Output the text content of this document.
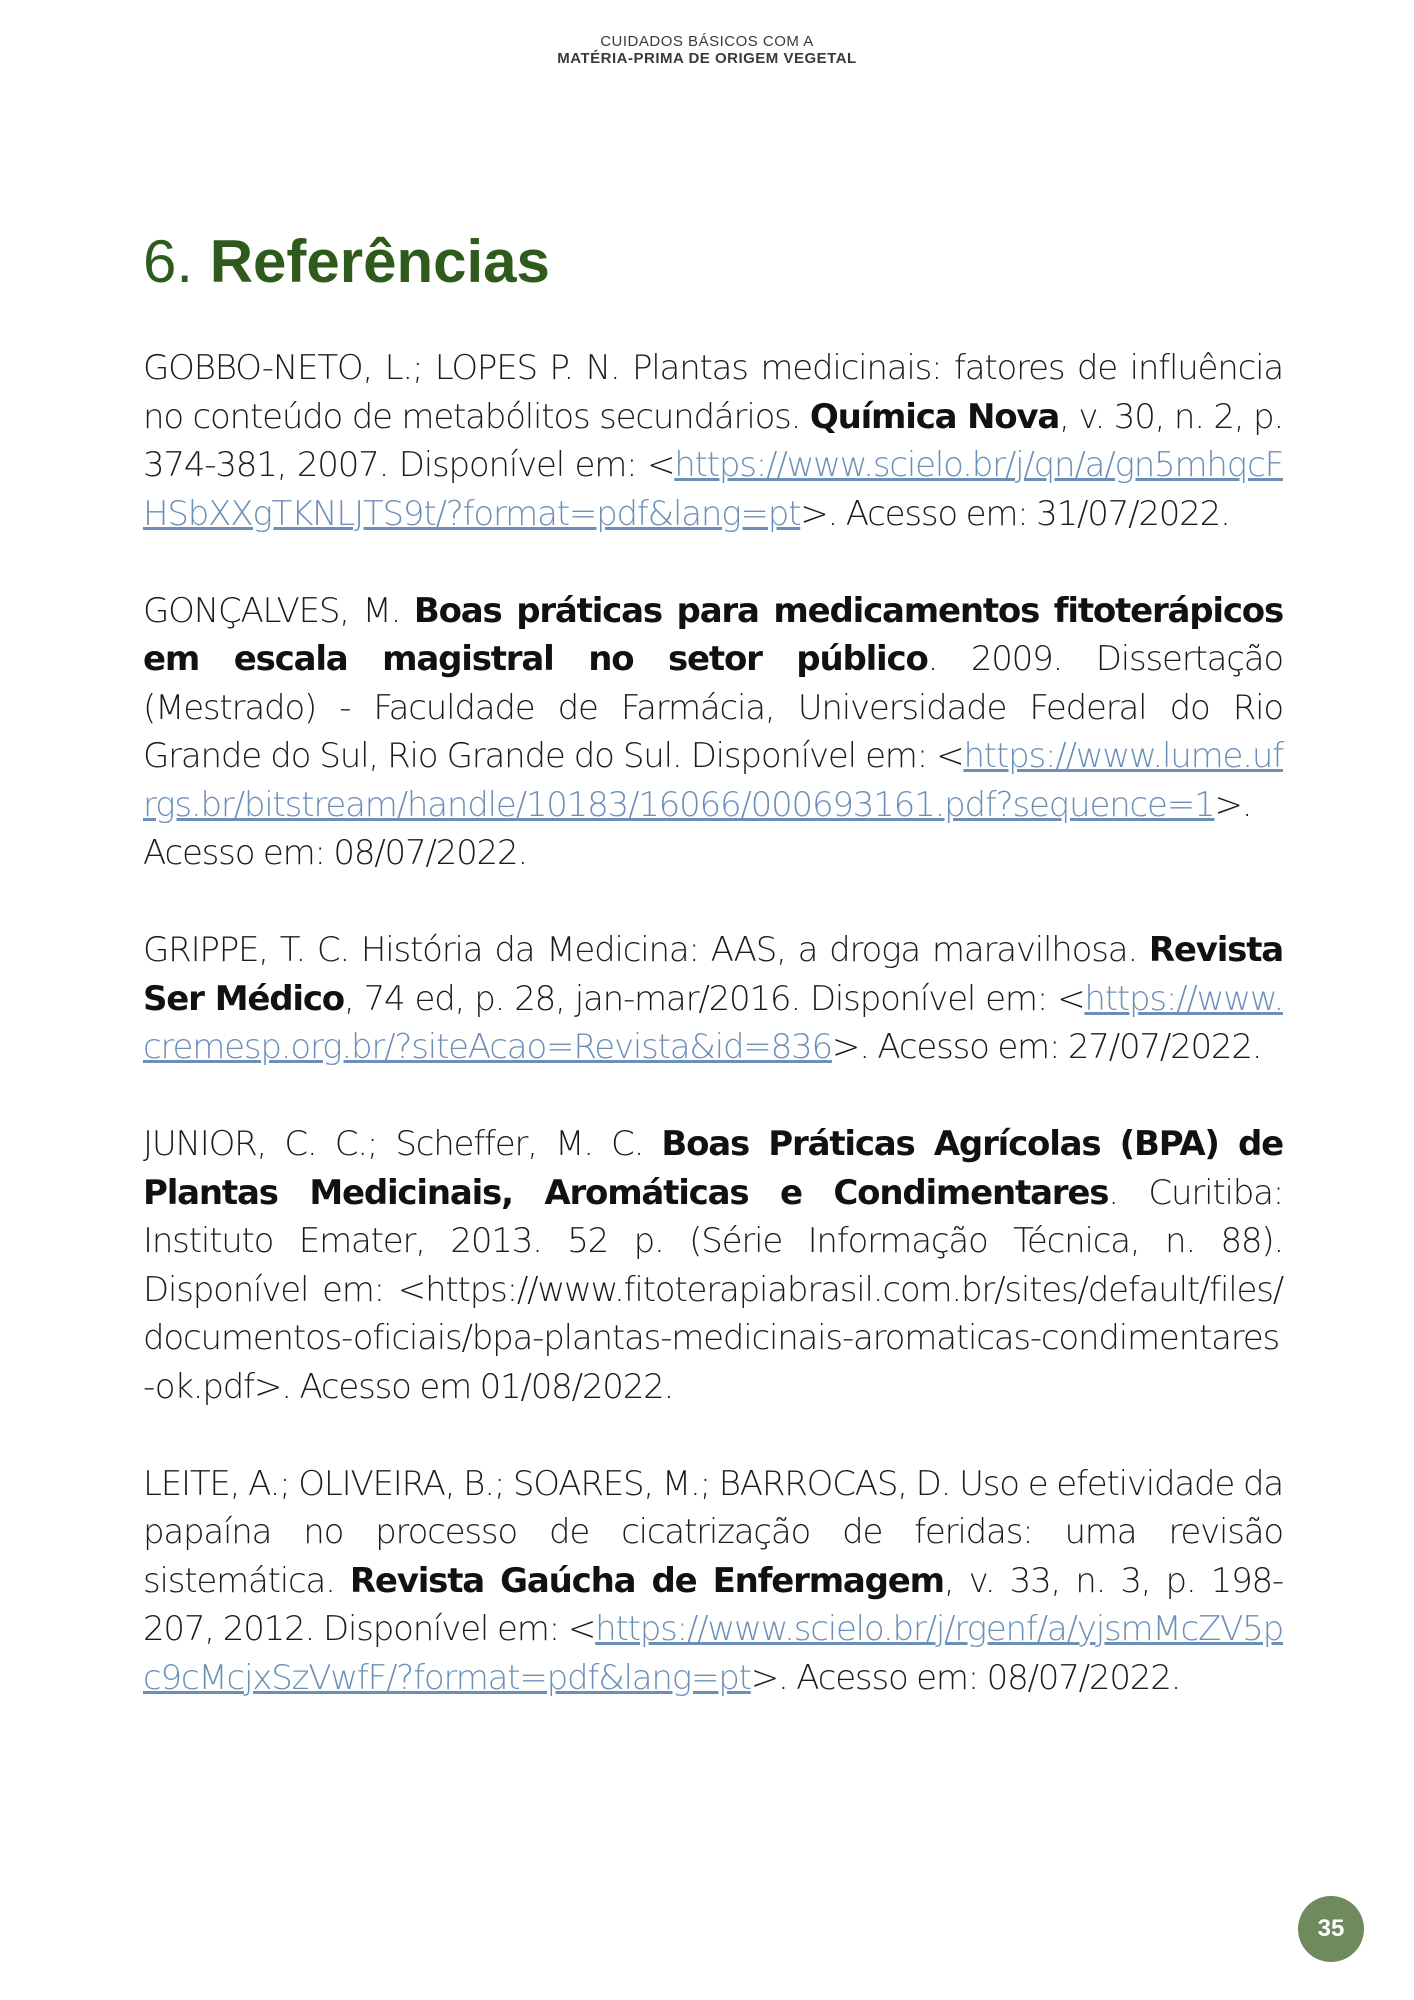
CUIDADOS BÁSICOS COM A
MATÉRIA-PRIMA DE ORIGEM VEGETAL
6. Referências

GOBBO-NETO, L.; LOPES P. N. Plantas medicinais: fatores de influência no conteúdo de metabólitos secundários. Química Nova, v. 30, n. 2, p. 374-381, 2007. Disponível em: <https://www.scielo.br/j/qn/a/gn5mhqcFHSbXXgTKNLJTS9t/?format=pdf&lang=pt>. Acesso em: 31/07/2022.

GONÇALVES, M. Boas práticas para medicamentos fitoterápicos em escala magistral no setor público. 2009. Dissertação (Mestrado) - Faculdade de Farmácia, Universidade Federal do Rio Grande do Sul, Rio Grande do Sul. Disponível em: <https://www.lume.ufrgs.br/bitstream/handle/10183/16066/000693161.pdf?sequence=1>. Acesso em: 08/07/2022.

GRIPPE, T. C. História da Medicina: AAS, a droga maravilhosa. Revista Ser Médico, 74 ed, p. 28, jan-mar/2016. Disponível em: <https://www.cremesp.org.br/?siteAcao=Revista&id=836>. Acesso em: 27/07/2022.

JUNIOR, C. C.; Scheffer, M. C. Boas Práticas Agrícolas (BPA) de Plantas Medicinais, Aromáticas e Condimentares. Curitiba: Instituto Emater, 2013. 52 p. (Série Informação Técnica, n. 88). Disponível em: <https://www.fitoterapiabrasil.com.br/sites/default/files/documentos-oficiais/bpa-plantas-medicinais-aromaticas-condimentares-ok.pdf>. Acesso em 01/08/2022.

LEITE, A.; OLIVEIRA, B.; SOARES, M.; BARROCAS, D. Uso e efetividade da papaína no processo de cicatrização de feridas: uma revisão sistemática. Revista Gaúcha de Enfermagem, v. 33, n. 3, p. 198-207, 2012. Disponível em: <https://www.scielo.br/j/rgenf/a/yjsmMcZV5pc9cMcjxSzVwfF/?format=pdf&lang=pt>. Acesso em: 08/07/2022.

35
